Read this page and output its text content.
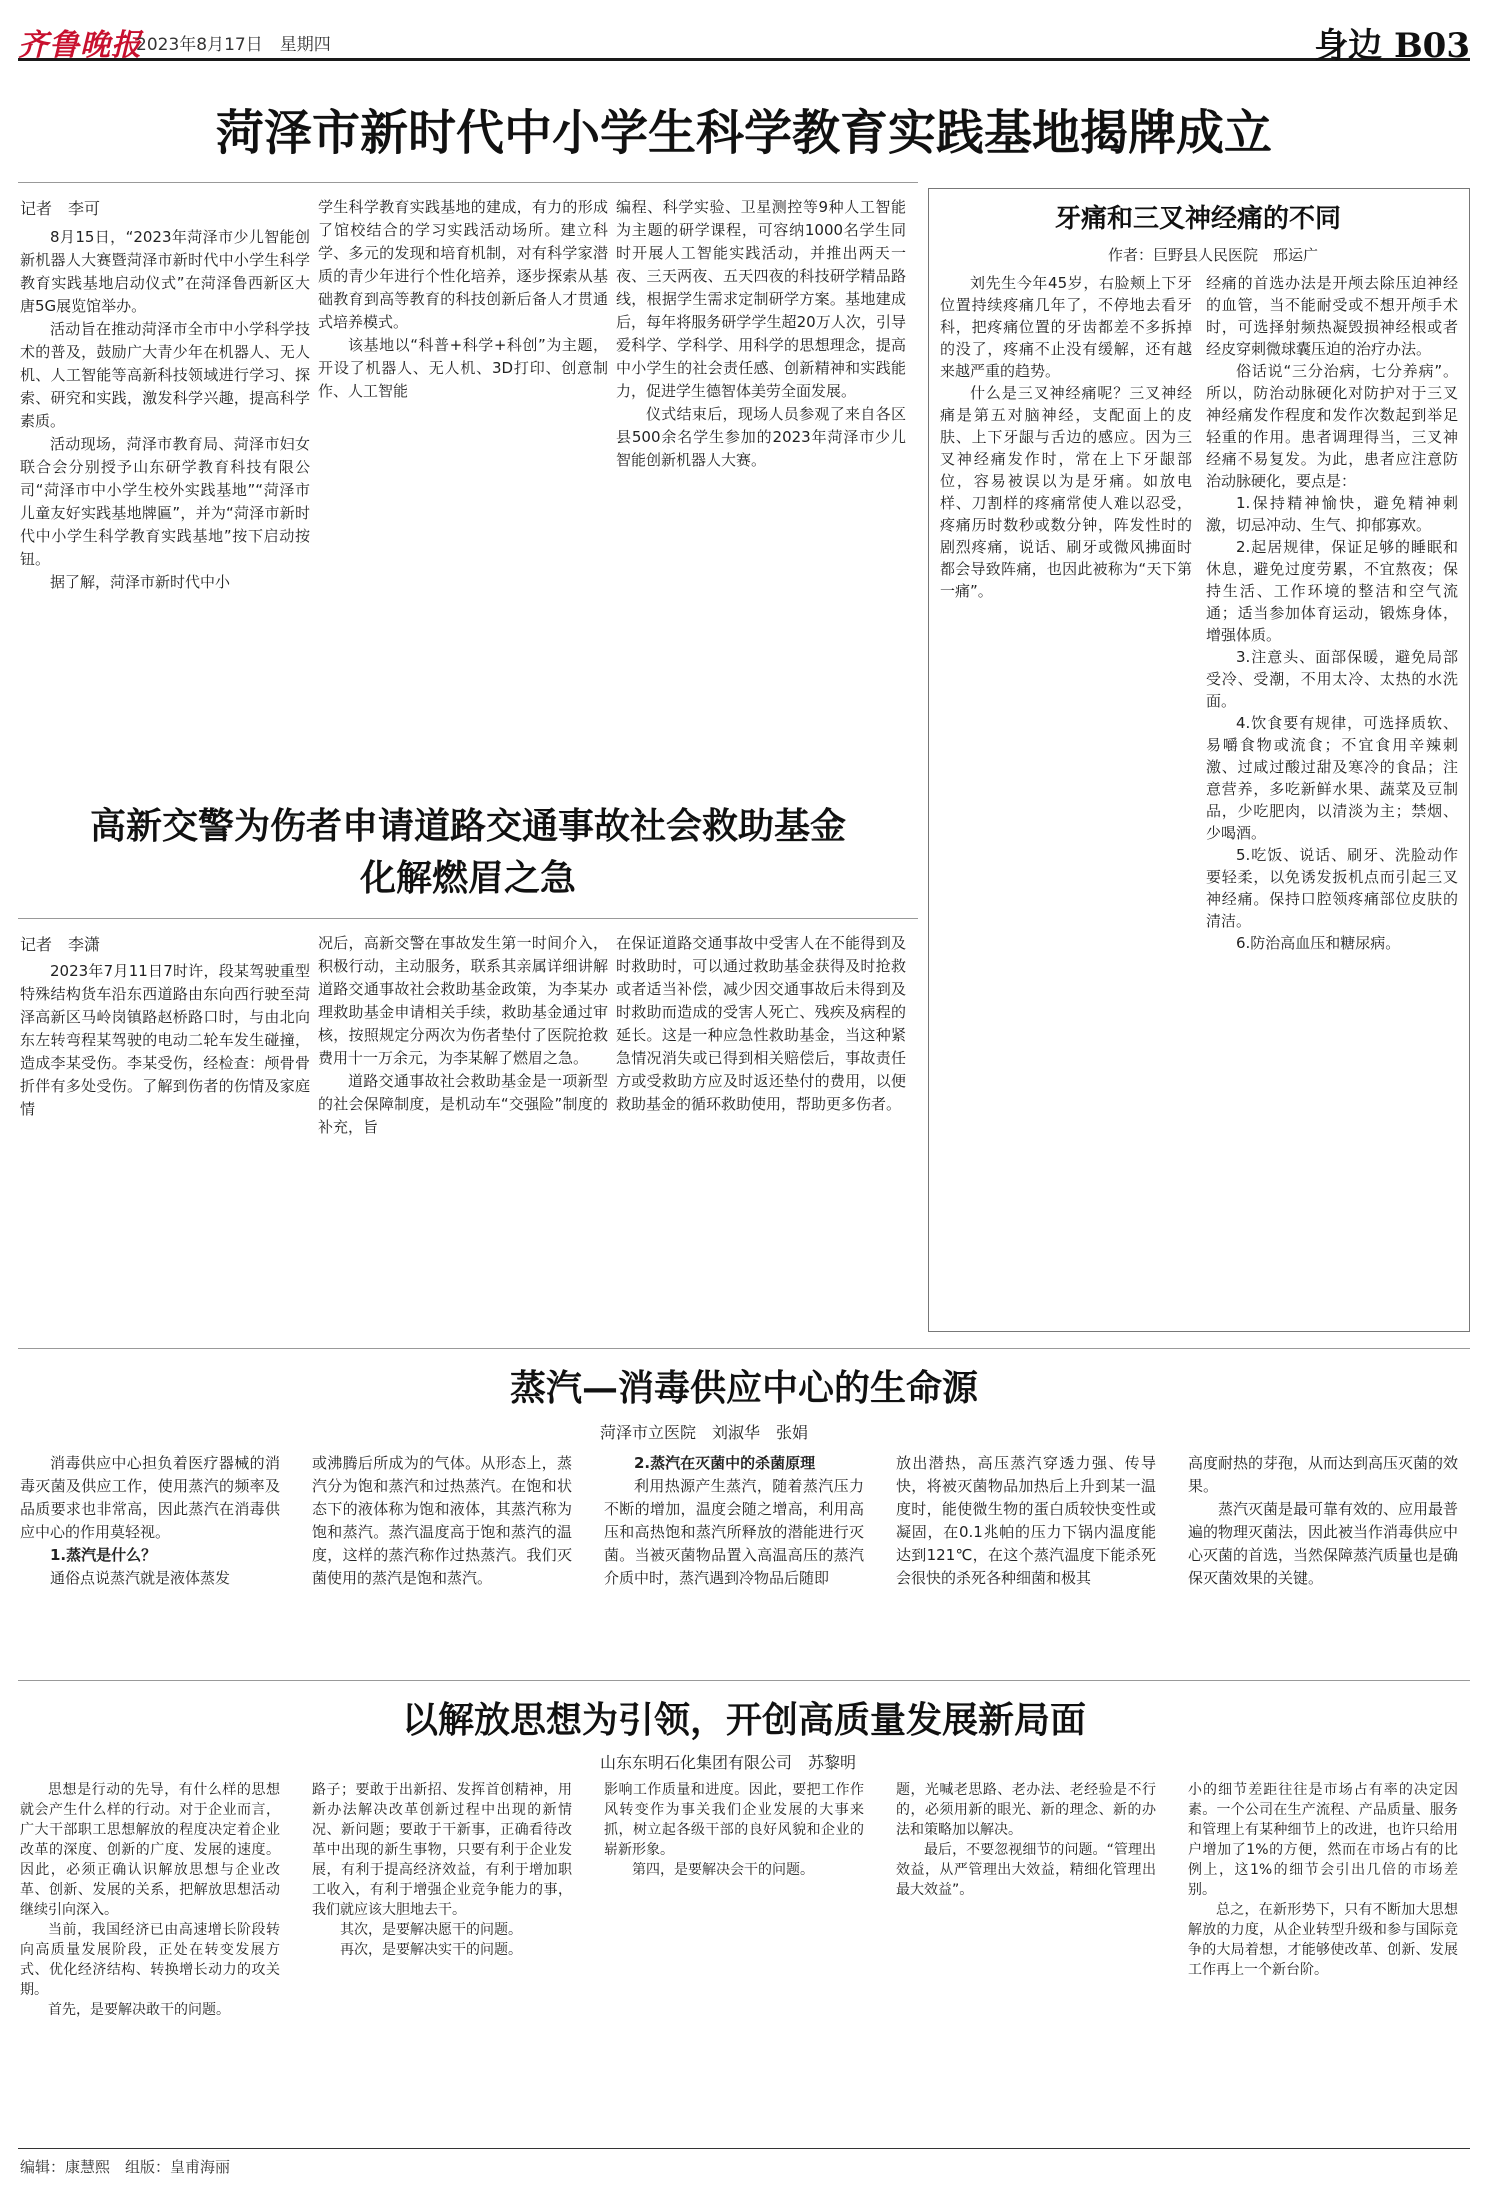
齐鲁晚报
2023年8月17日　星期四	身边 B03
菏泽市新时代中小学生科学教育实践基地揭牌成立
记者　李可

8月15日，“2023年菏泽市少儿智能创新机器人大赛暨菏泽市新时代中小学生科学教育实践基地启动仪式”在菏泽鲁西新区大唐5G展览馆举办。

活动旨在推动菏泽市全市中小学科学技术的普及，鼓励广大青少年在机器人、无人机、人工智能等高新科技领域进行学习、探索、研究和实践，激发科学兴趣，提高科学素质。

活动现场，菏泽市教育局、菏泽市妇女联合会分别授予山东研学教育科技有限公司“菏泽市中小学生校外实践基地”“菏泽市儿童友好实践基地牌匾”，并为“菏泽市新时代中小学生科学教育实践基地”按下启动按钮。

据了解，菏泽市新时代中小

学生科学教育实践基地的建成，有力的形成了馆校结合的学习实践活动场所。建立科学、多元的发现和培育机制，对有科学家潜质的青少年进行个性化培养，逐步探索从基础教育到高等教育的科技创新后备人才贯通式培养模式。

该基地以“科普+科学+科创”为主题，开设了机器人、无人机、3D打印、创意制作、人工智能

编程、科学实验、卫星测控等9种人工智能为主题的研学课程，可容纳1000名学生同时开展人工智能实践活动，并推出两天一夜、三天两夜、五天四夜的科技研学精品路线，根据学生需求定制研学方案。基地建成后，每年将服务研学学生超20万人次，引导爱科学、学科学、用科学的思想理念，提高中小学生的社会责任感、创新精神和实践能力，促进学生德智体美劳全面发展。

仪式结束后，现场人员参观了来自各区县500余名学生参加的2023年菏泽市少儿智能创新机器人大赛。

牙痛和三叉神经痛的不同
作者：巨野县人民医院　邢运广

刘先生今年45岁，右脸颊上下牙位置持续疼痛几年了，不停地去看牙科，把疼痛位置的牙齿都差不多拆掉的没了，疼痛不止没有缓解，还有越来越严重的趋势。

什么是三叉神经痛呢？三叉神经痛是第五对脑神经，支配面上的皮肤、上下牙龈与舌边的感应。因为三叉神经痛发作时，常在上下牙龈部位，容易被误以为是牙痛。如放电样、刀割样的疼痛常使人难以忍受，疼痛历时数秒或数分钟，阵发性时的剧烈疼痛，说话、刷牙或微风拂面时都会导致阵痛，也因此被称为“天下第一痛”。

经痛的首选办法是开颅去除压迫神经的血管，当不能耐受或不想开颅手术时，可选择射频热凝毁损神经根或者经皮穿刺微球囊压迫的治疗办法。

俗话说“三分治病，七分养病”。所以，防治动脉硬化对防护对于三叉神经痛发作程度和发作次数起到举足轻重的作用。患者调理得当，三叉神经痛不易复发。为此，患者应注意防治动脉硬化，要点是：

1.保持精神愉快，避免精神刺激，切忌冲动、生气、抑郁寡欢。

2.起居规律，保证足够的睡眠和休息，避免过度劳累，不宜熬夜；保持生活、工作环境的整洁和空气流通；适当参加体育运动，锻炼身体，增强体质。

3.注意头、面部保暖，避免局部受冷、受潮，不用太冷、太热的水洗面。

4.饮食要有规律，可选择质软、易嚼食物或流食；不宜食用辛辣刺激、过咸过酸过甜及寒冷的食品；注意营养，多吃新鲜水果、蔬菜及豆制品，少吃肥肉，以清淡为主；禁烟、少喝酒。

5.吃饭、说话、刷牙、洗脸动作要轻柔，以免诱发扳机点而引起三叉神经痛。保持口腔领疼痛部位皮肤的清洁。

6.防治高血压和糖尿病。

高新交警为伤者申请道路交通事故社会救助基金
化解燃眉之急
记者　李潇

2023年7月11日7时许，段某驾驶重型特殊结构货车沿东西道路由东向西行驶至菏泽高新区马岭岗镇路赵桥路口时，与由北向东左转弯程某驾驶的电动二轮车发生碰撞，造成李某受伤。李某受伤，经检查：颅骨骨折伴有多处受伤。了解到伤者的伤情及家庭情

况后，高新交警在事故发生第一时间介入，积极行动，主动服务，联系其亲属详细讲解道路交通事故社会救助基金政策，为李某办理救助基金申请相关手续，救助基金通过审核，按照规定分两次为伤者垫付了医院抢救费用十一万余元，为李某解了燃眉之急。

道路交通事故社会救助基金是一项新型的社会保障制度，是机动车“交强险”制度的补充，旨

在保证道路交通事故中受害人在不能得到及时救助时，可以通过救助基金获得及时抢救或者适当补偿，减少因交通事故后未得到及时救助而造成的受害人死亡、残疾及病程的延长。这是一种应急性救助基金，当这种紧急情况消失或已得到相关赔偿后，事故责任方或受救助方应及时返还垫付的费用，以便救助基金的循环救助使用，帮助更多伤者。

蒸汽—消毒供应中心的生命源
菏泽市立医院　刘淑华　张娟

消毒供应中心担负着医疗器械的消毒灭菌及供应工作，使用蒸汽的频率及品质要求也非常高，因此蒸汽在消毒供应中心的作用莫轻视。

1.蒸汽是什么？

通俗点说蒸汽就是液体蒸发

或沸腾后所成为的气体。从形态上，蒸汽分为饱和蒸汽和过热蒸汽。在饱和状态下的液体称为饱和液体，其蒸汽称为饱和蒸汽。蒸汽温度高于饱和蒸汽的温度，这样的蒸汽称作过热蒸汽。我们灭菌使用的蒸汽是饱和蒸汽。

2.蒸汽在灭菌中的杀菌原理

利用热源产生蒸汽，随着蒸汽压力不断的增加，温度会随之增高，利用高压和高热饱和蒸汽所释放的潜能进行灭菌。当被灭菌物品置入高温高压的蒸汽介质中时，蒸汽遇到冷物品后随即

放出潜热，高压蒸汽穿透力强、传导快，将被灭菌物品加热后上升到某一温度时，能使微生物的蛋白质较快变性或凝固，在0.1兆帕的压力下锅内温度能达到121℃，在这个蒸汽温度下能杀死会很快的杀死各种细菌和极其

高度耐热的芽孢，从而达到高压灭菌的效果。

蒸汽灭菌是最可靠有效的、应用最普遍的物理灭菌法，因此被当作消毒供应中心灭菌的首选，当然保障蒸汽质量也是确保灭菌效果的关键。

以解放思想为引领，开创高质量发展新局面
山东东明石化集团有限公司　苏黎明

思想是行动的先导，有什么样的思想就会产生什么样的行动。对于企业而言，广大干部职工思想解放的程度决定着企业改革的深度、创新的广度、发展的速度。因此，必须正确认识解放思想与企业改革、创新、发展的关系，把解放思想活动继续引向深入。

当前，我国经济已由高速增长阶段转向高质量发展阶段，正处在转变发展方式、优化经济结构、转换增长动力的攻关期。

首先，是要解决敢干的问题。

路子；要敢于出新招、发挥首创精神，用新办法解决改革创新过程中出现的新情况、新问题；要敢于干新事，正确看待改革中出现的新生事物，只要有利于企业发展，有利于提高经济效益，有利于增加职工收入，有利于增强企业竞争能力的事，我们就应该大胆地去干。

其次，是要解决愿干的问题。

再次，是要解决实干的问题。

影响工作质量和进度。因此，要把工作作风转变作为事关我们企业发展的大事来抓，树立起各级干部的良好风貌和企业的崭新形象。

第四，是要解决会干的问题。

题，光喊老思路、老办法、老经验是不行的，必须用新的眼光、新的理念、新的办法和策略加以解决。

最后，不要忽视细节的问题。“管理出效益，从严管理出大效益，精细化管理出最大效益”。

小的细节差距往往是市场占有率的决定因素。一个公司在生产流程、产品质量、服务和管理上有某种细节上的改进，也许只给用户增加了1%的方便，然而在市场占有的比例上，这1%的细节会引出几倍的市场差别。

总之，在新形势下，只有不断加大思想解放的力度，从企业转型升级和参与国际竞争的大局着想，才能够使改革、创新、发展工作再上一个新台阶。

编辑：康慧熙　组版：皇甫海丽
